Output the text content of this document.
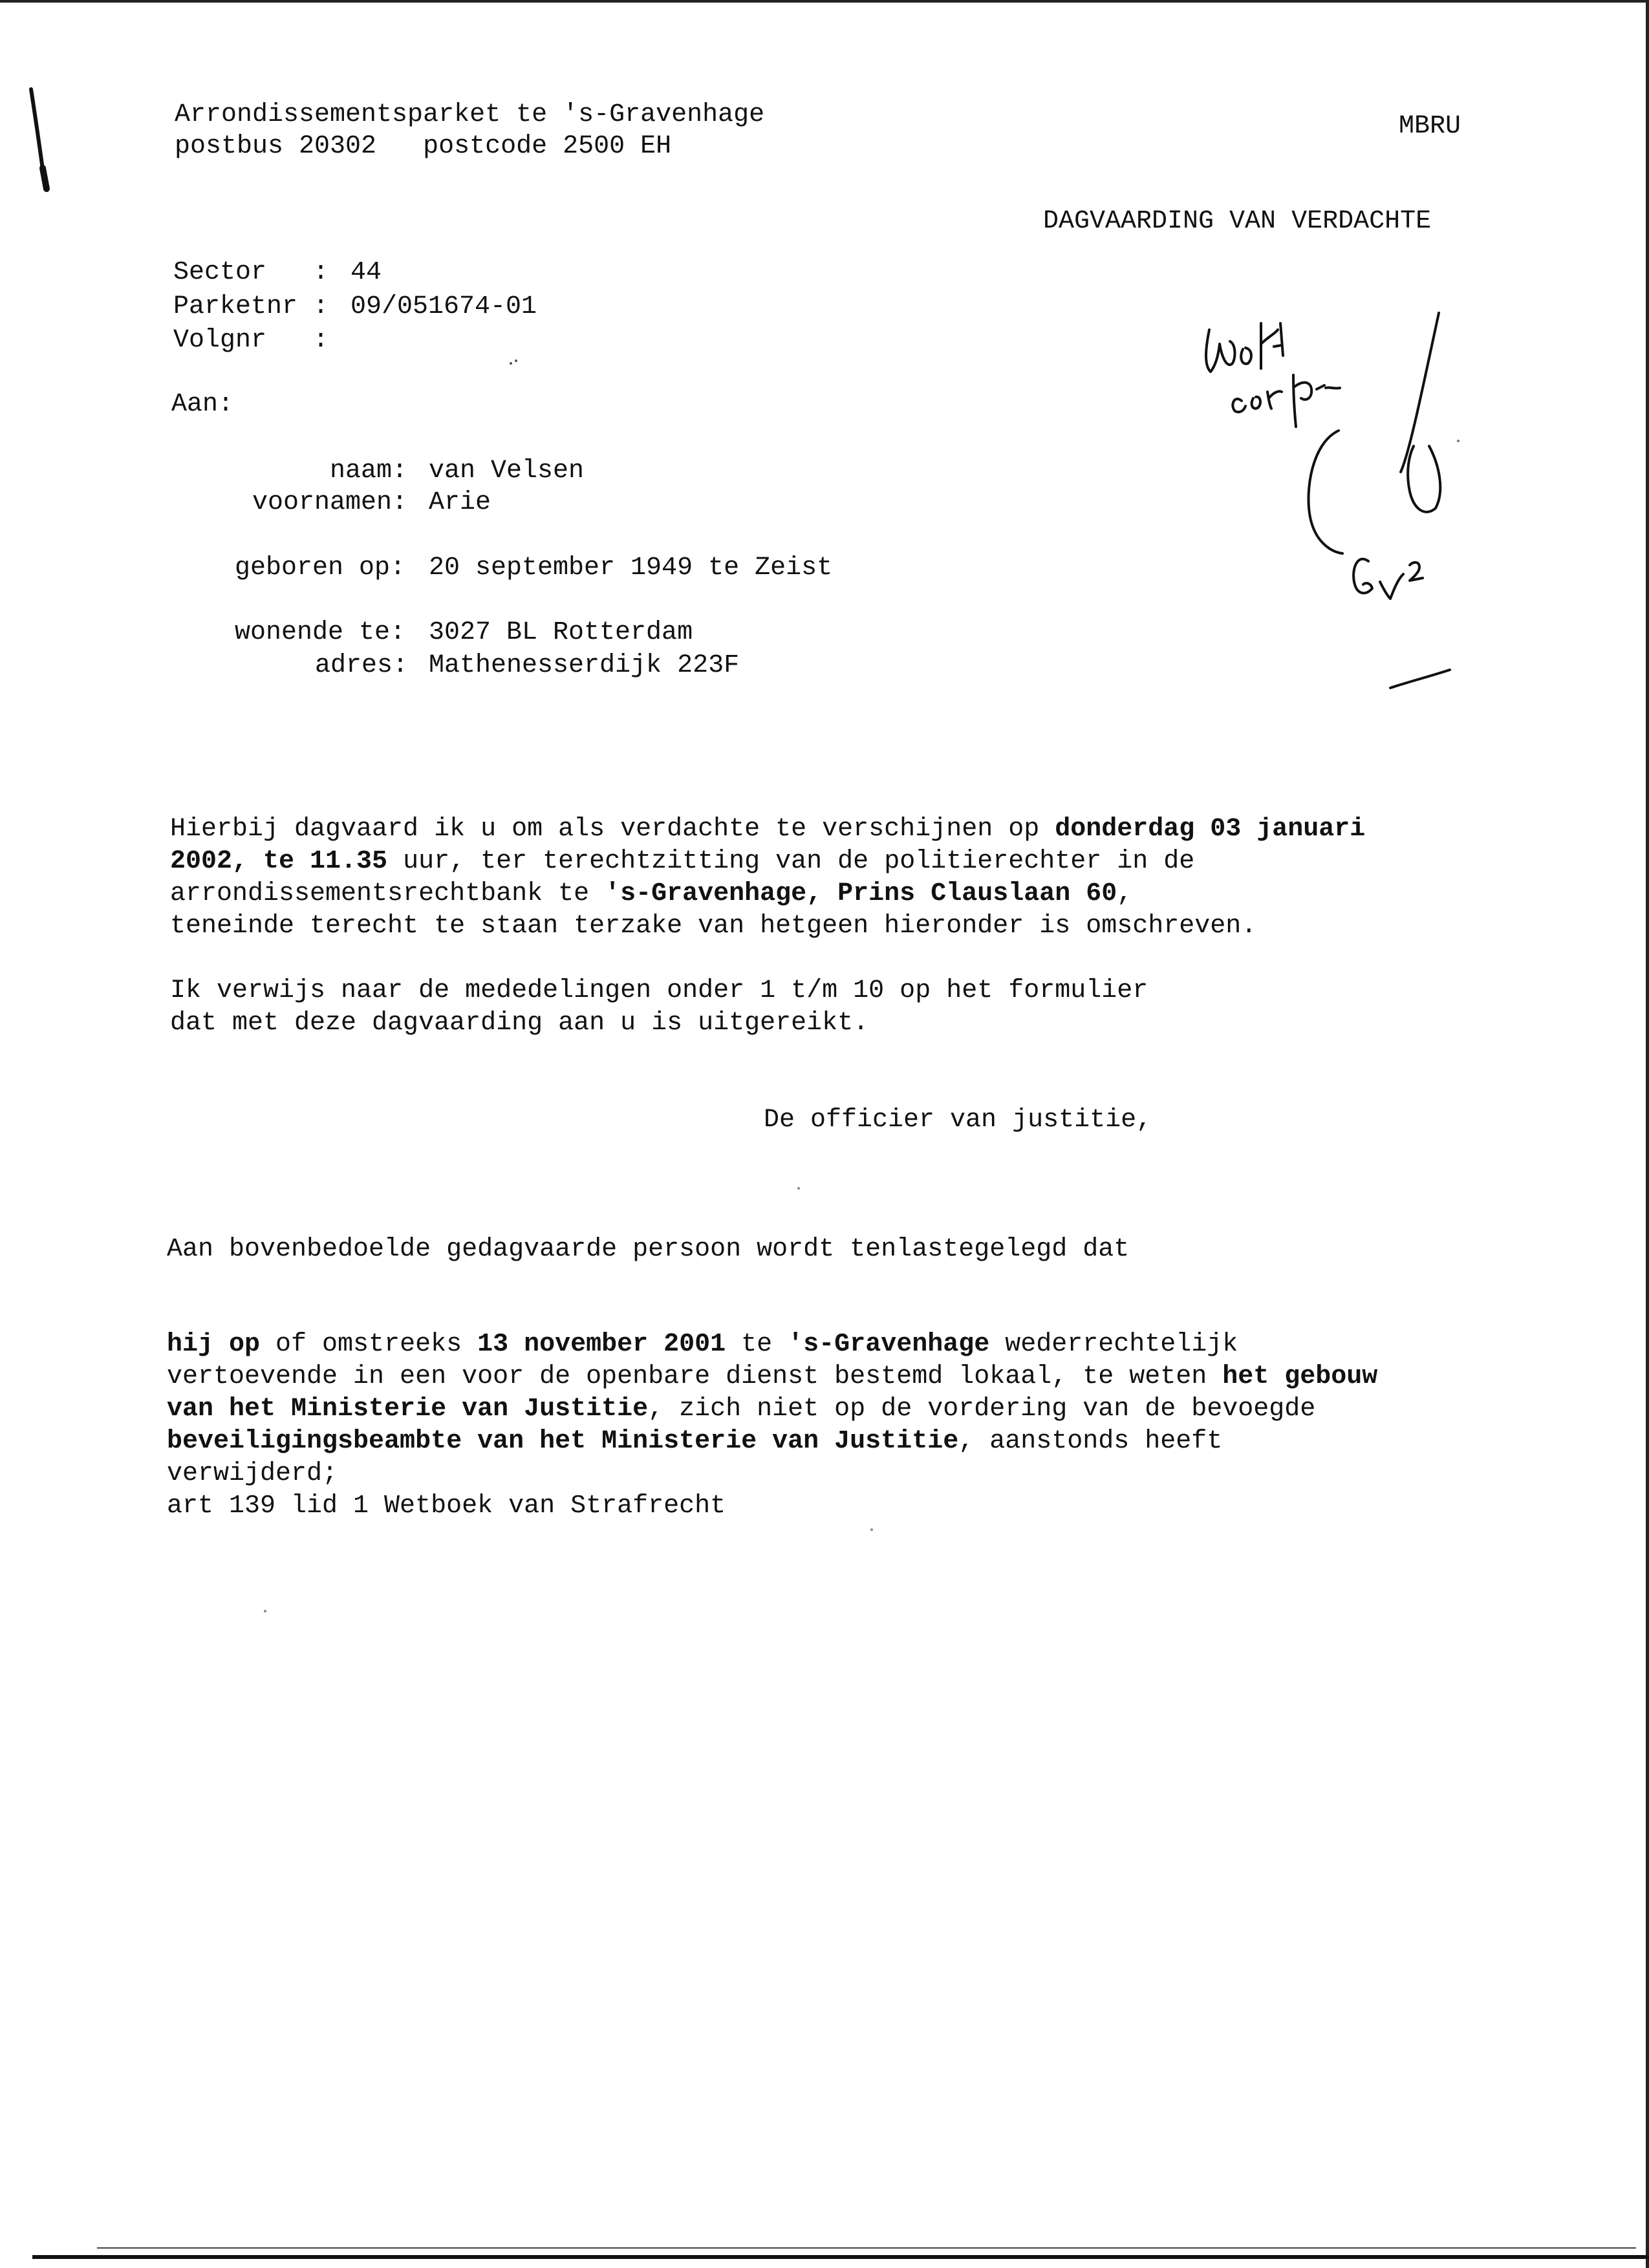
Arrondissementsparket te 's-Gravenhage
postbus 20302   postcode 2500 EH
MBRU
DAGVAARDING VAN VERDACHTE
Sector   : 44
Parketnr : 09/051674-01
Volgnr   :
Aan:
naam: van Velsen
voornamen: Arie
geboren op: 20 september 1949 te Zeist
wonende te: 3027 BL Rotterdam
adres: Mathenesserdijk 223F
Hierbij dagvaard ik u om als verdachte te verschijnen op donderdag 03 januari
2002, te 11.35 uur, ter terechtzitting van de politierechter in de
arrondissementsrechtbank te 's-Gravenhage, Prins Clauslaan 60,
teneinde terecht te staan terzake van hetgeen hieronder is omschreven.
Ik verwijs naar de mededelingen onder 1 t/m 10 op het formulier
dat met deze dagvaarding aan u is uitgereikt.
De officier van justitie,
Aan bovenbedoelde gedagvaarde persoon wordt tenlastegelegd dat
hij op of omstreeks 13 november 2001 te 's-Gravenhage wederrechtelijk
vertoevende in een voor de openbare dienst bestemd lokaal, te weten het gebouw
van het Ministerie van Justitie, zich niet op de vordering van de bevoegde
beveiligingsbeambte van het Ministerie van Justitie, aanstonds heeft
verwijderd;
art 139 lid 1 Wetboek van Strafrecht
